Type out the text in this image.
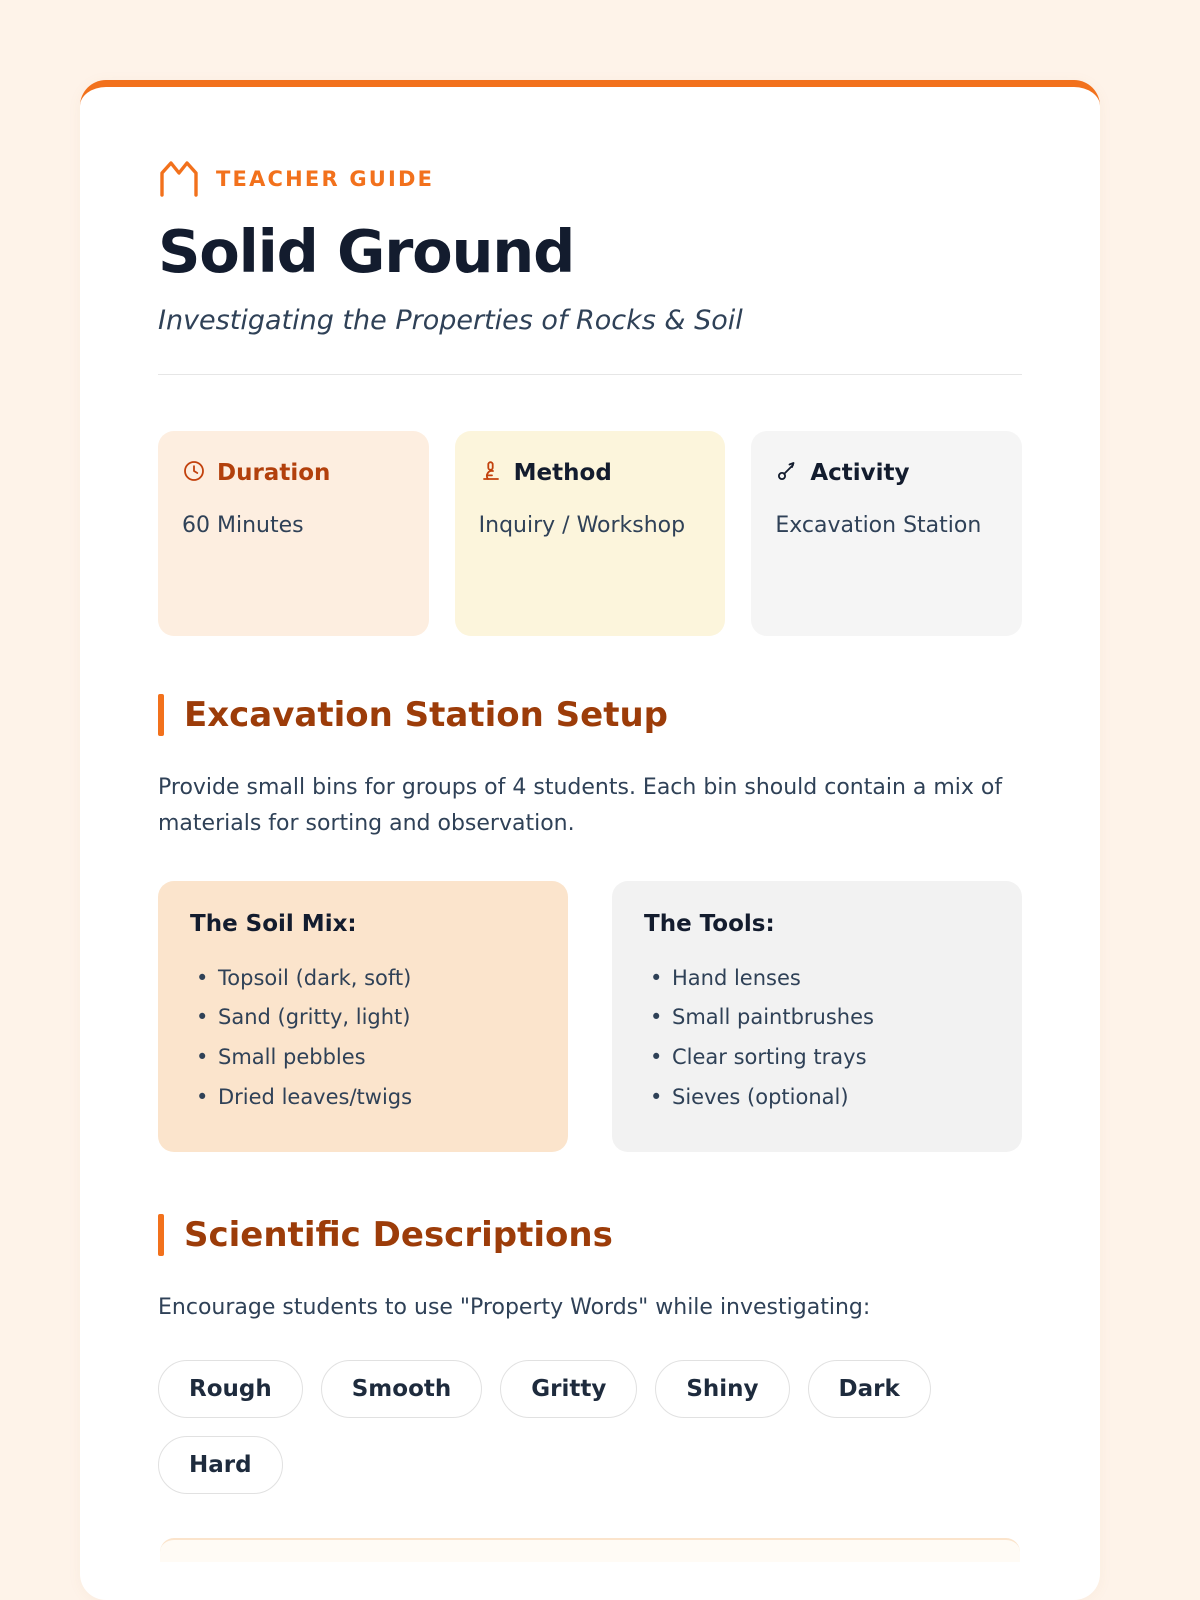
TEACHER GUIDE
Solid Ground
Investigating the Properties of Rocks & Soil
Duration
60 Minutes
Method
Inquiry / Workshop
Activity
Excavation Station
Excavation Station Setup

Provide small bins for groups of 4 students. Each bin should contain a mix of materials for sorting and observation.

The Soil Mix:
• Topsoil (dark, soft)
• Sand (gritty, light)
• Small pebbles
• Dried leaves/twigs
The Tools:
• Hand lenses
• Small paintbrushes
• Clear sorting trays
• Sieves (optional)
Scientific Descriptions

Encourage students to use "Property Words" while investigating:

Rough	Smooth	Gritty	Shiny	Dark
Hard
